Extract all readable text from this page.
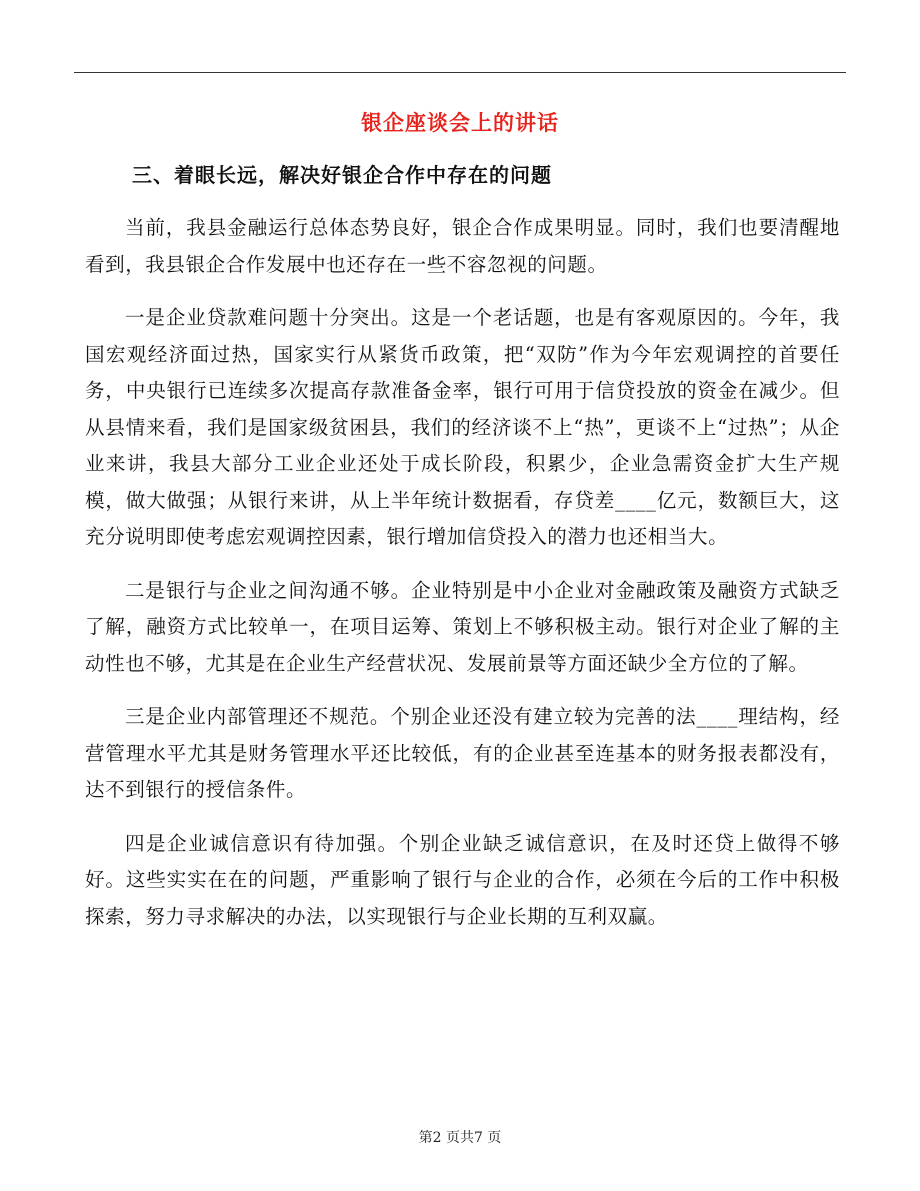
银企座谈会上的讲话
三、着眼长远，解决好银企合作中存在的问题

当前，我县金融运行总体态势良好，银企合作成果明显。同时，我们也要清醒地看到，我县银企合作发展中也还存在一些不容忽视的问题。

一是企业贷款难问题十分突出。这是一个老话题，也是有客观原因的。今年，我国宏观经济面过热，国家实行从紧货币政策，把“双防”作为今年宏观调控的首要任务，中央银行已连续多次提高存款准备金率，银行可用于信贷投放的资金在减少。但从县情来看，我们是国家级贫困县，我们的经济谈不上“热”，更谈不上“过热”；从企业来讲，我县大部分工业企业还处于成长阶段，积累少，企业急需资金扩大生产规模，做大做强；从银行来讲，从上半年统计数据看，存贷差____亿元，数额巨大，这充分说明即使考虑宏观调控因素，银行增加信贷投入的潜力也还相当大。

二是银行与企业之间沟通不够。企业特别是中小企业对金融政策及融资方式缺乏了解，融资方式比较单一，在项目运筹、策划上不够积极主动。银行对企业了解的主动性也不够，尤其是在企业生产经营状况、发展前景等方面还缺少全方位的了解。

三是企业内部管理还不规范。个别企业还没有建立较为完善的法____理结构，经营管理水平尤其是财务管理水平还比较低，有的企业甚至连基本的财务报表都没有，达不到银行的授信条件。

四是企业诚信意识有待加强。个别企业缺乏诚信意识，在及时还贷上做得不够好。这些实实在在的问题，严重影响了银行与企业的合作，必须在今后的工作中积极探索，努力寻求解决的办法，以实现银行与企业长期的互利双赢。

第2 页共7 页
